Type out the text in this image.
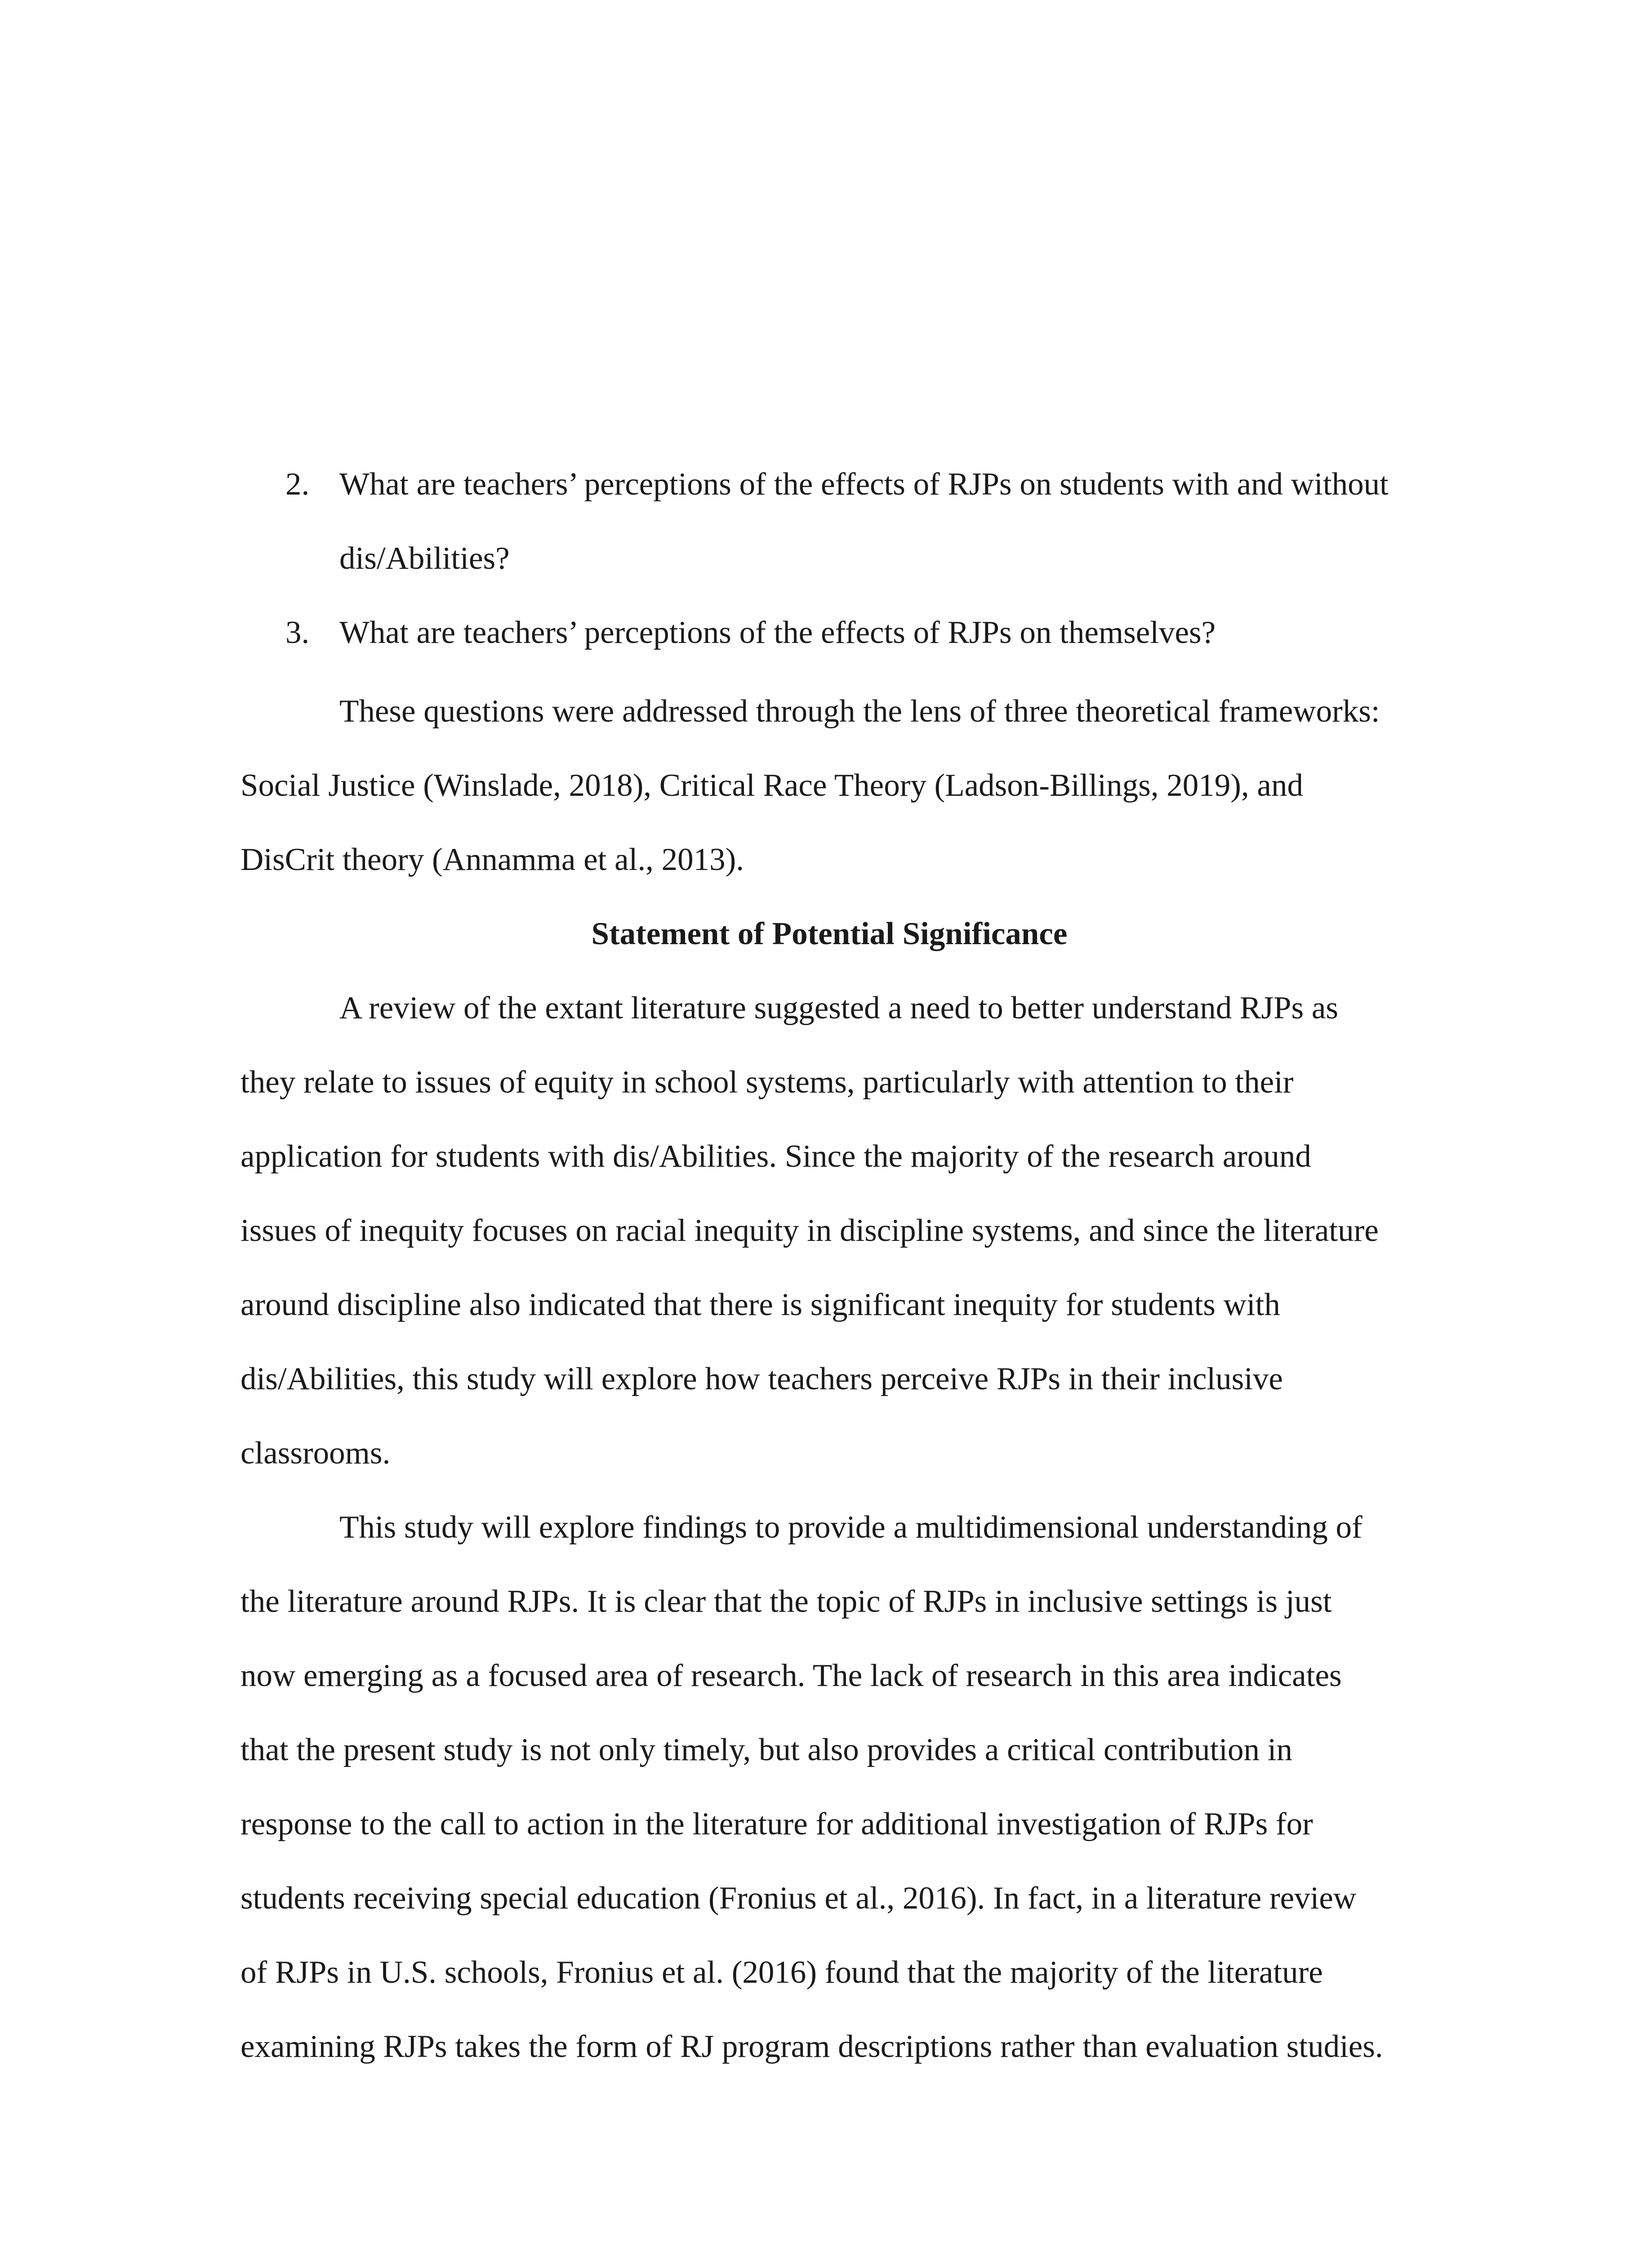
2. What are teachers’ perceptions of the effects of RJPs on students with and without
dis/Abilities?
3. What are teachers’ perceptions of the effects of RJPs on themselves?
These questions were addressed through the lens of three theoretical frameworks:
Social Justice (Winslade, 2018), Critical Race Theory (Ladson-Billings, 2019), and
DisCrit theory (Annamma et al., 2013).
Statement of Potential Significance
A review of the extant literature suggested a need to better understand RJPs as
they relate to issues of equity in school systems, particularly with attention to their
application for students with dis/Abilities. Since the majority of the research around
issues of inequity focuses on racial inequity in discipline systems, and since the literature
around discipline also indicated that there is significant inequity for students with
dis/Abilities, this study will explore how teachers perceive RJPs in their inclusive
classrooms.
This study will explore findings to provide a multidimensional understanding of
the literature around RJPs. It is clear that the topic of RJPs in inclusive settings is just
now emerging as a focused area of research. The lack of research in this area indicates
that the present study is not only timely, but also provides a critical contribution in
response to the call to action in the literature for additional investigation of RJPs for
students receiving special education (Fronius et al., 2016). In fact, in a literature review
of RJPs in U.S. schools, Fronius et al. (2016) found that the majority of the literature
examining RJPs takes the form of RJ program descriptions rather than evaluation studies.
